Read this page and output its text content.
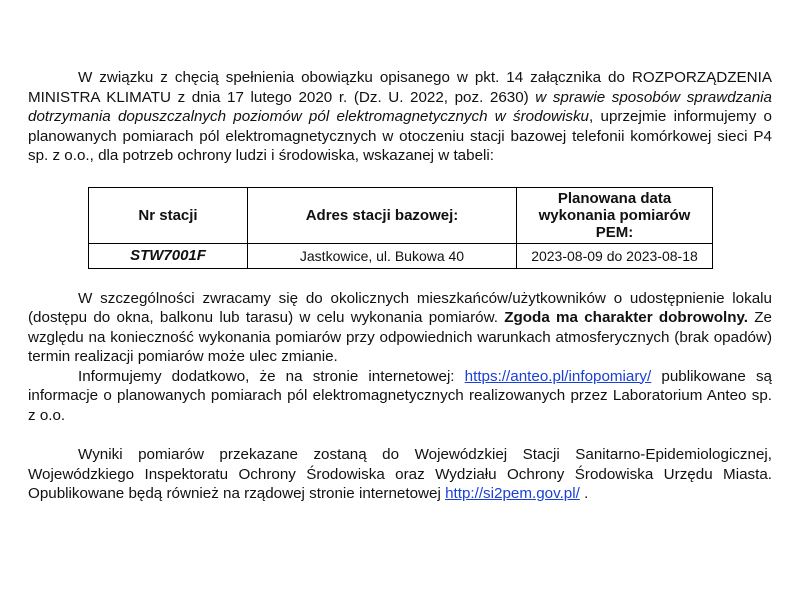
W związku z chęcią spełnienia obowiązku opisanego w pkt. 14 załącznika do ROZPORZĄDZENIA MINISTRA KLIMATU z dnia 17 lutego 2020 r. (Dz. U. 2022, poz. 2630) w sprawie sposobów sprawdzania dotrzymania dopuszczalnych poziomów pól elektromagnetycznych w środowisku, uprzejmie informujemy o planowanych pomiarach pól elektromagnetycznych w otoczeniu stacji bazowej telefonii komórkowej sieci P4 sp. z o.o., dla potrzeb ochrony ludzi i środowiska, wskazanej w tabeli:

Nr stacji	Adres stacji bazowej:	Planowana data wykonania pomiarów PEM:
STW7001F	Jastkowice, ul. Bukowa 40	2023-08-09 do 2023-08-18

W szczególności zwracamy się do okolicznych mieszkańców/użytkowników o udostępnienie lokalu (dostępu do okna, balkonu lub tarasu) w celu wykonania pomiarów. Zgoda ma charakter dobrowolny. Ze względu na konieczność wykonania pomiarów przy odpowiednich warunkach atmosferycznych (brak opadów) termin realizacji pomiarów może ulec zmianie.

Informujemy dodatkowo, że na stronie internetowej: https://anteo.pl/infopomiary/ publikowane są informacje o planowanych pomiarach pól elektromagnetycznych realizowanych przez Laboratorium Anteo sp. z o.o.

Wyniki pomiarów przekazane zostaną do Wojewódzkiej Stacji Sanitarno-Epidemiologicznej, Wojewódzkiego Inspektoratu Ochrony Środowiska oraz Wydziału Ochrony Środowiska Urzędu Miasta. Opublikowane będą również na rządowej stronie internetowej http://si2pem.gov.pl/ .
